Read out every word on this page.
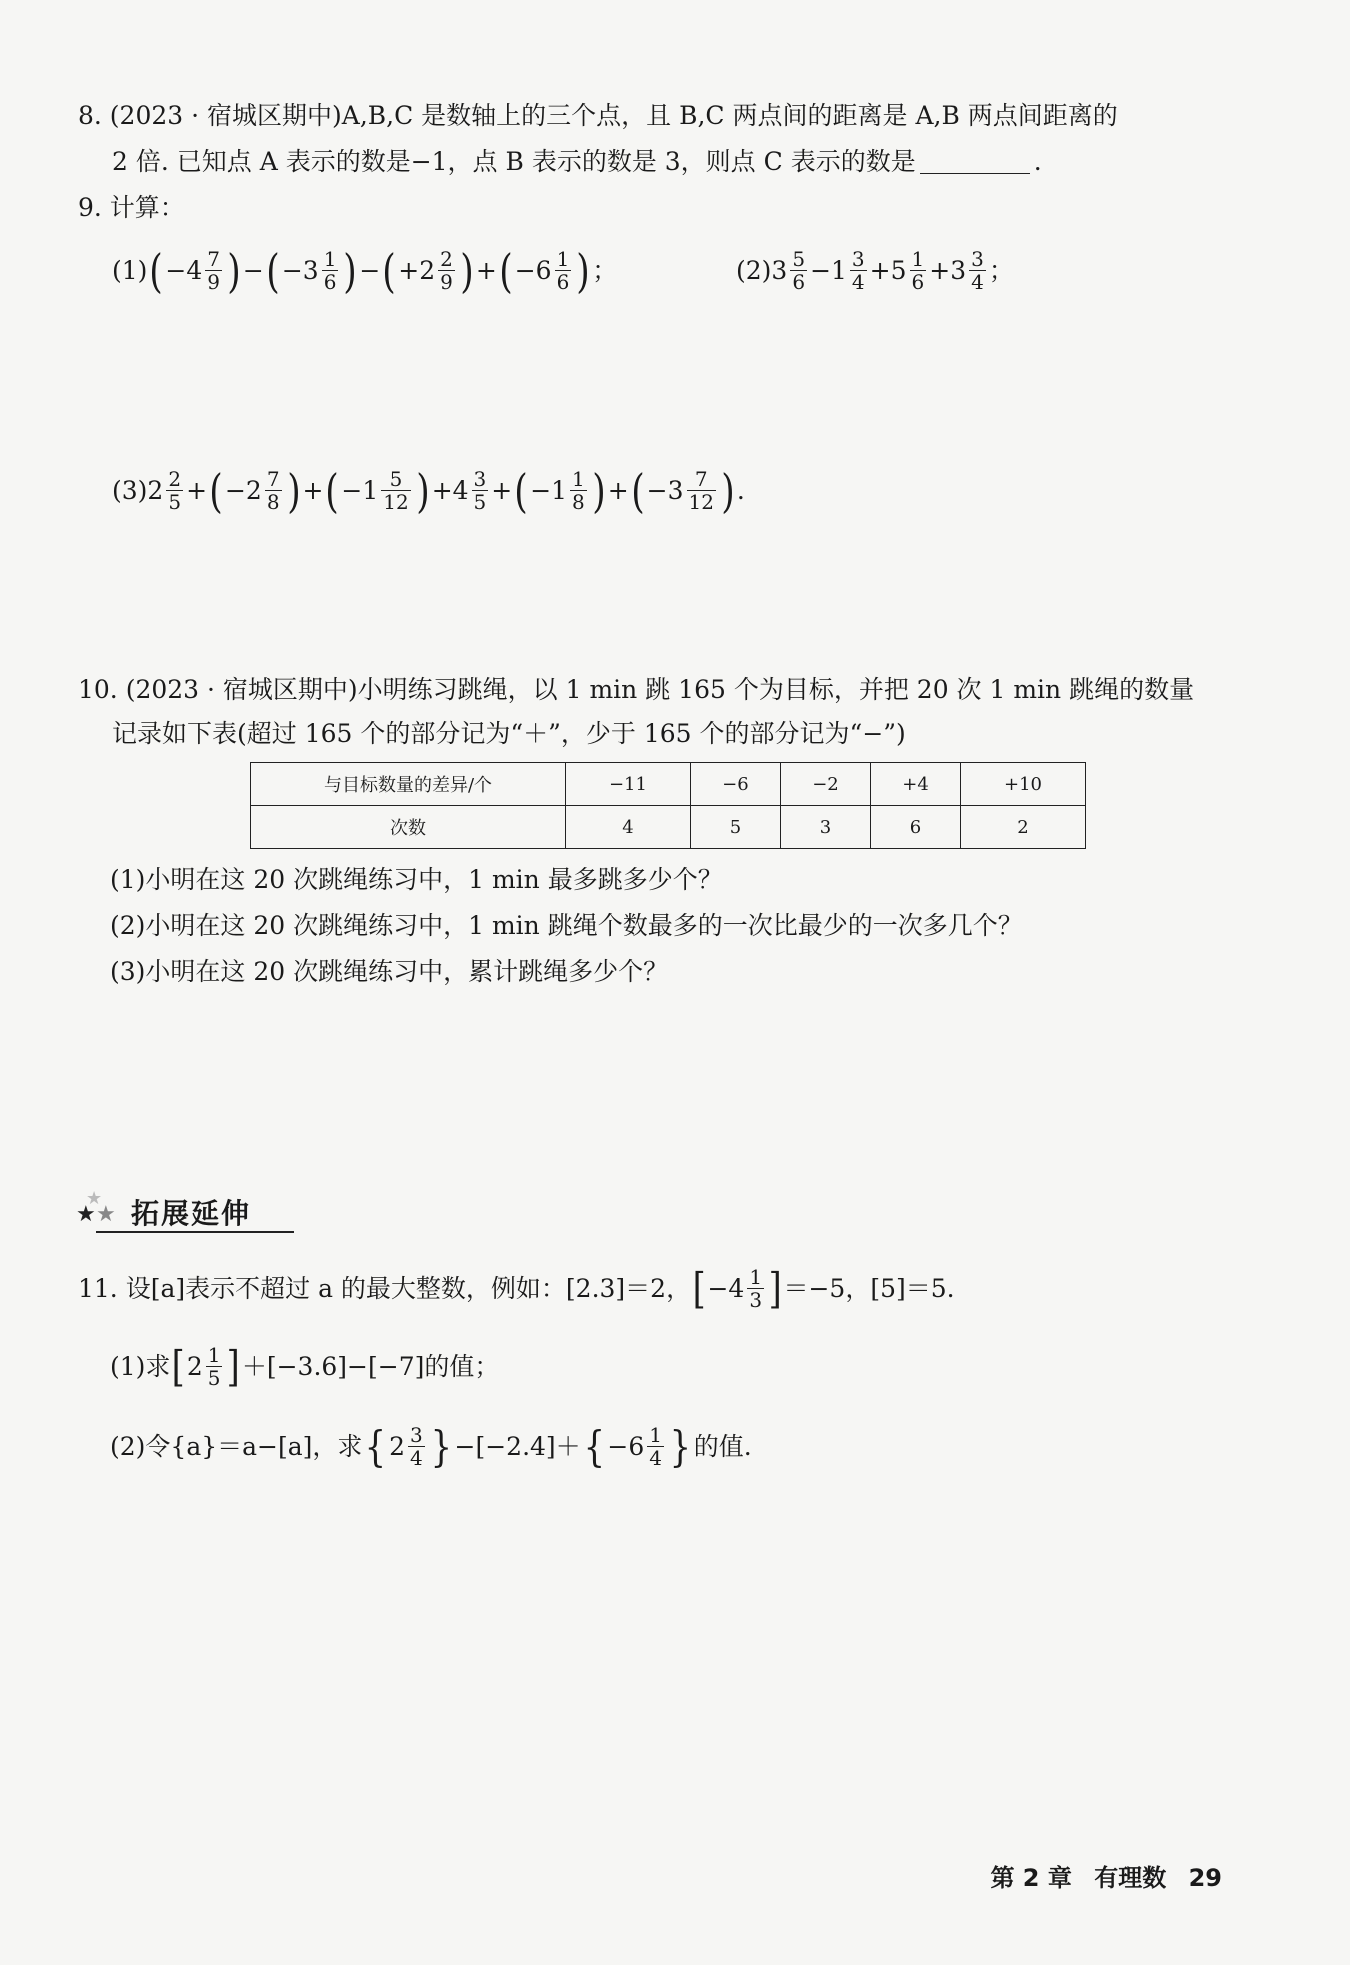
8. (2023 · 宿城区期中)A,B,C 是数轴上的三个点，且 B,C 两点间的距离是 A,B 两点间距离的
2 倍. 已知点 A 表示的数是−1，点 B 表示的数是 3，则点 C 表示的数是	.
9. 计算：
(1) ( $-4 \frac{7}{9}$ ) − ( $-3 \frac{1}{6}$ ) − ( $+2 \frac{2}{9}$ ) + ( $-6 \frac{1}{6}$ ) ；	(2) $3 \frac{5}{6} -1 \frac{3}{4} +5 \frac{1}{6} +3 \frac{3}{4}$ ；
(3) $2 \frac{2}{5}$ + ( $-2 \frac{7}{8}$ ) + ( $-1 \frac{5}{12}$ ) $+4 \frac{3}{5}$ + ( $-1 \frac{1}{8}$ ) + ( $-3 \frac{7}{12}$ ) .
10. (2023 · 宿城区期中)小明练习跳绳，以 1 min 跳 165 个为目标，并把 20 次 1 min 跳绳的数量
记录如下表(超过 165 个的部分记为“＋”，少于 165 个的部分记为“−”)
与目标数量的差异/个	−11	−6	−2	+4	+10
次数	4	5	3	6	2
(1)小明在这 20 次跳绳练习中，1 min 最多跳多少个？
(2)小明在这 20 次跳绳练习中，1 min 跳绳个数最多的一次比最少的一次多几个？
(3)小明在这 20 次跳绳练习中，累计跳绳多少个？
★ ★
★ 拓展延伸
11. 设[a]表示不超过 a 的最大整数，例如：[2.3]＝2， [ $-4 \frac{1}{3}$ ] ＝−5，[5]＝5.
(1)求 [ $2 \frac{1}{5}$ ] ＋[−3.6]−[−7]的值；
(2)令{a}＝a−[a]，求 { $2 \frac{3}{4}$ } −[−2.4]＋ { $-6 \frac{1}{4}$ } 的值.
第 2 章 有理数 29
